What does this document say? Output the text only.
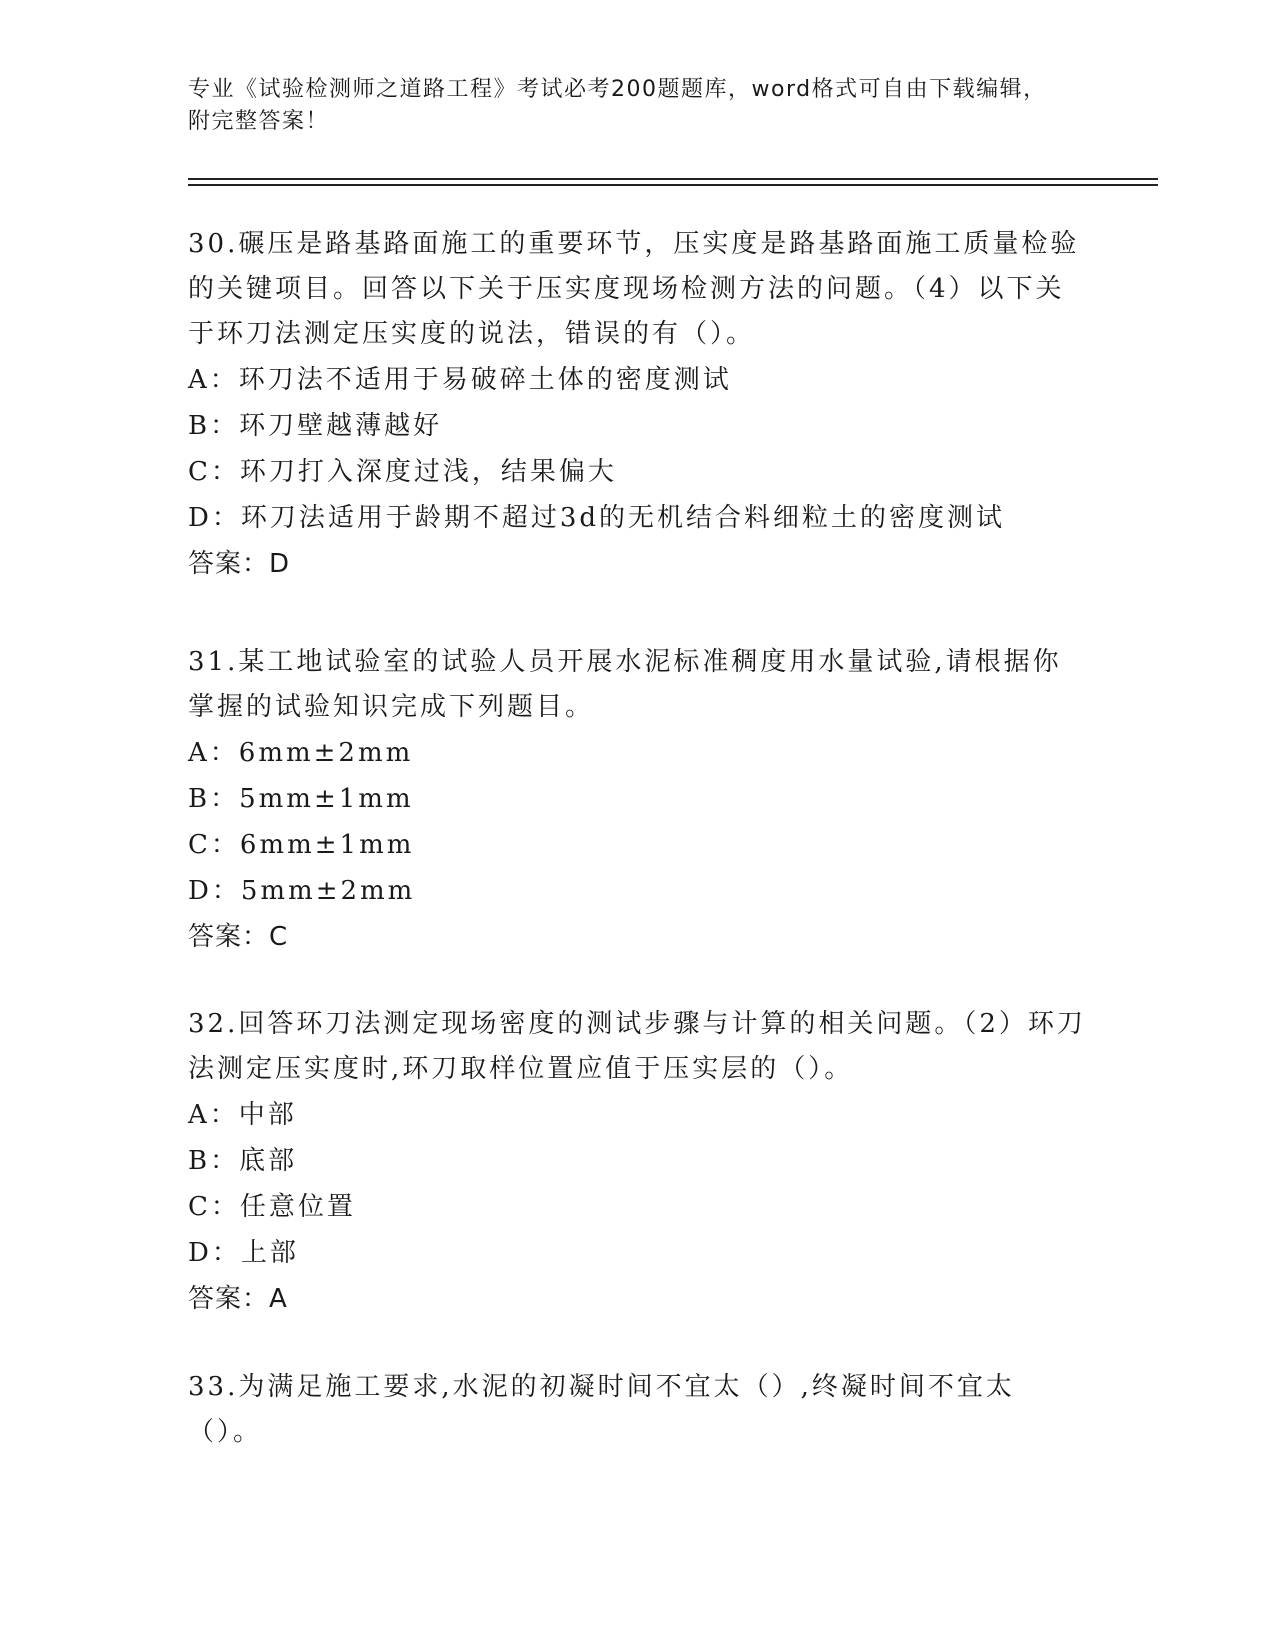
专业《试验检测师之道路工程》考试必考200题题库，word格式可自由下载编辑，附完整答案！
30.碾压是路基路面施工的重要环节，压实度是路基路面施工质量检验的关键项目。回答以下关于压实度现场检测方法的问题。（4）以下关于环刀法测定压实度的说法，错误的有（）。
A：环刀法不适用于易破碎土体的密度测试
B：环刀壁越薄越好
C：环刀打入深度过浅，结果偏大
D：环刀法适用于龄期不超过3d的无机结合料细粒土的密度测试
答案：D
31.某工地试验室的试验人员开展水泥标准稠度用水量试验,请根据你掌握的试验知识完成下列题目。
A：6mm±2mm
B：5mm±1mm
C：6mm±1mm
D：5mm±2mm
答案：C
32.回答环刀法测定现场密度的测试步骤与计算的相关问题。（2）环刀法测定压实度时,环刀取样位置应值于压实层的（）。
A：中部
B：底部
C：任意位置
D：上部
答案：A
33.为满足施工要求,水泥的初凝时间不宜太（）,终凝时间不宜太（）。
